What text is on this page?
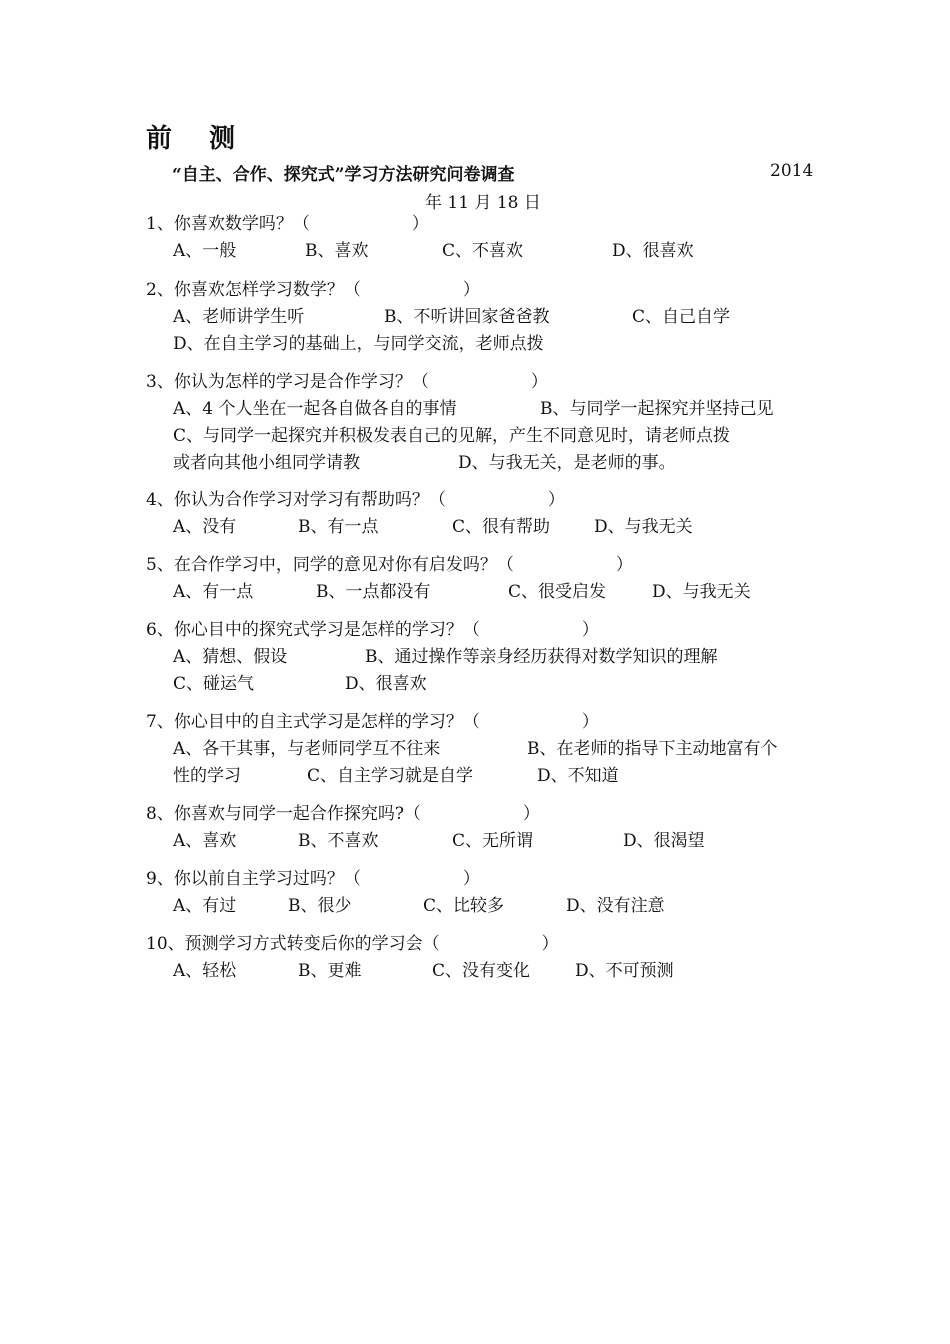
前 测
“自主、合作、探究式”学习方法研究问卷调查	2014
年 11 月 18 日
1、你喜欢数学吗？（　　　　　　）
A、一般	B、喜欢	C、不喜欢	D、很喜欢
2、你喜欢怎样学习数学？（　　　　　　）
A、老师讲学生听	B、不听讲回家爸爸教	C、自己自学
D、在自主学习的基础上，与同学交流，老师点拨
3、你认为怎样的学习是合作学习？（　　　　　　）
A、4 个人坐在一起各自做各自的事情	B、与同学一起探究并坚持己见
C、与同学一起探究并积极发表自己的见解，产生不同意见时，请老师点拨
或者向其他小组同学请教	D、与我无关，是老师的事。
4、你认为合作学习对学习有帮助吗？（　　　　　　）
A、没有	B、有一点	C、很有帮助	D、与我无关
5、在合作学习中，同学的意见对你有启发吗？（　　　　　　）
A、有一点	B、一点都没有	C、很受启发	D、与我无关
6、你心目中的探究式学习是怎样的学习？（　　　　　　）
A、猜想、假设	B、通过操作等亲身经历获得对数学知识的理解
C、碰运气	D、很喜欢
7、你心目中的自主式学习是怎样的学习？（　　　　　　）
A、各干其事，与老师同学互不往来	B、在老师的指导下主动地富有个
性的学习	C、自主学习就是自学	D、不知道
8、你喜欢与同学一起合作探究吗?（　　　　　　）
A、喜欢	B、不喜欢	C、无所谓	D、很渴望
9、你以前自主学习过吗？（　　　　　　）
A、有过	B、很少	C、比较多	D、没有注意
10、预测学习方式转变后你的学习会（　　　　　　）
A、轻松	B、更难	C、没有变化	D、不可预测
